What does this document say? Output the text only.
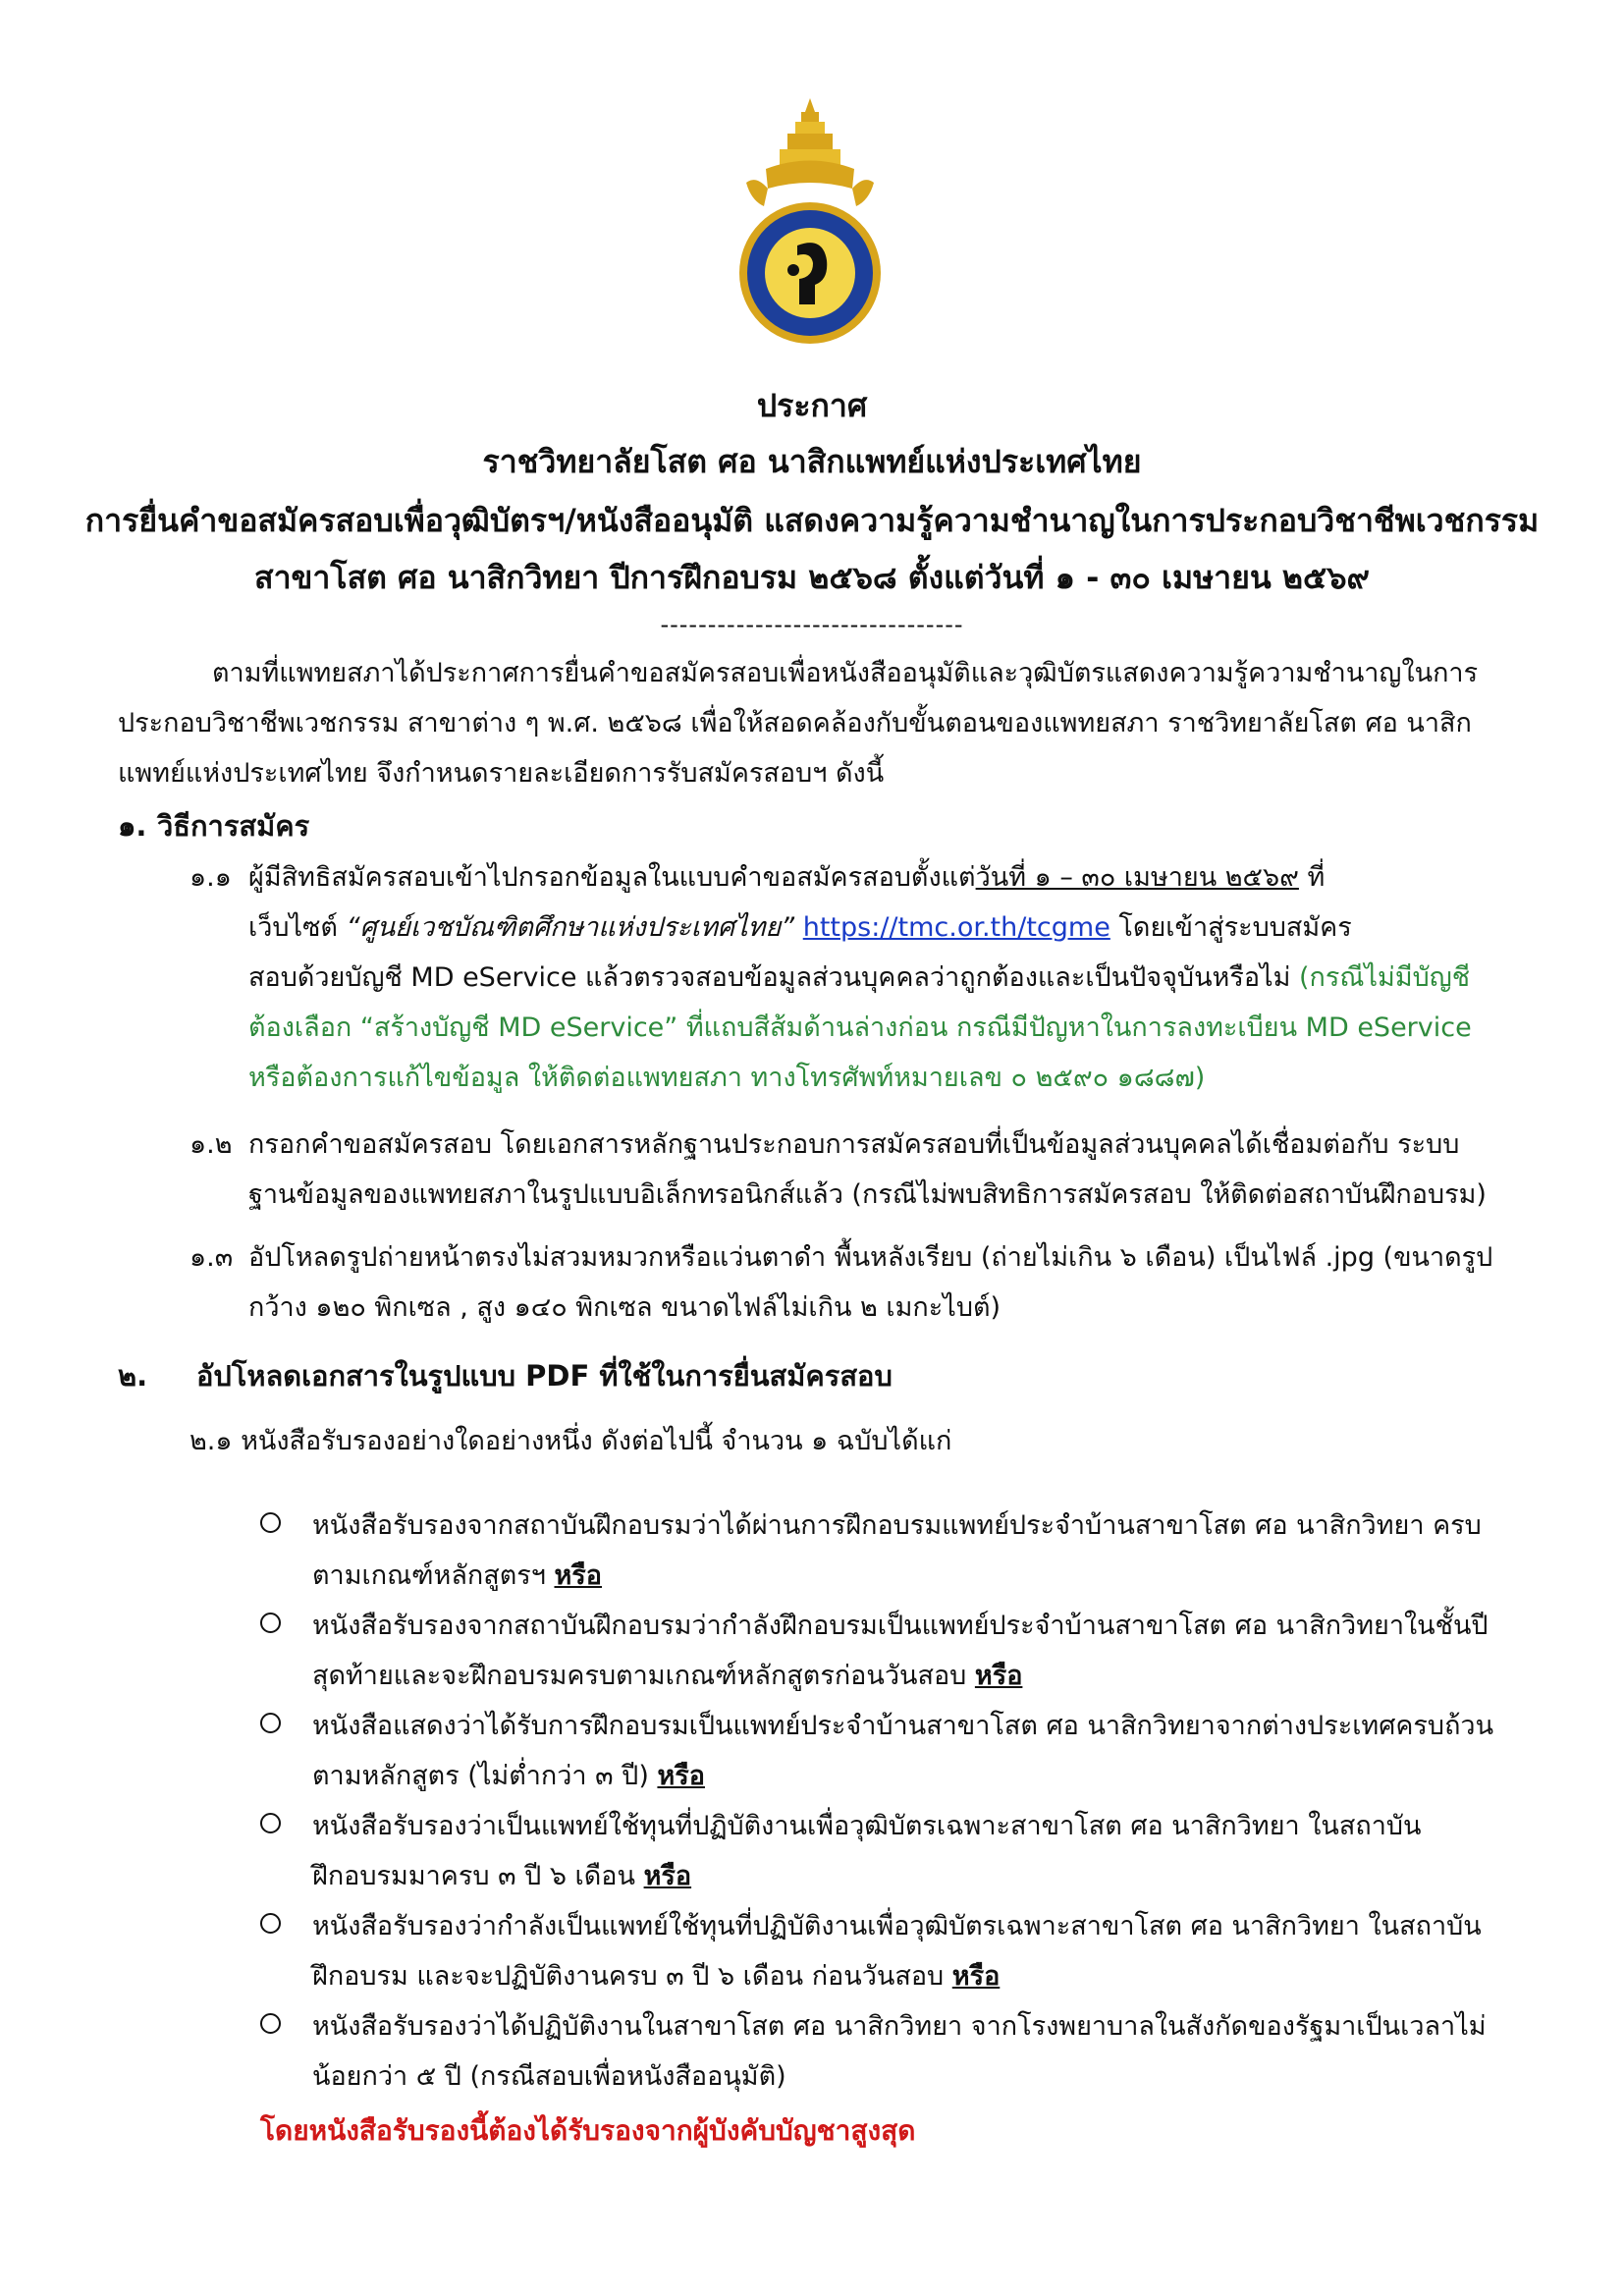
ประกาศ
ราชวิทยาลัยโสต ศอ นาสิกแพทย์แห่งประเทศไทย
การยื่นคำขอสมัครสอบเพื่อวุฒิบัตรฯ/หนังสืออนุมัติ แสดงความรู้ความชำนาญในการประกอบวิชาชีพเวชกรรม
สาขาโสต ศอ นาสิกวิทยา ปีการฝึกอบรม ๒๕๖๘ ตั้งแต่วันที่ ๑ - ๓๐ เมษายน ๒๕๖๙
--------------------------------
ตามที่แพทยสภาได้ประกาศการยื่นคำขอสมัครสอบเพื่อหนังสืออนุมัติและวุฒิบัตรแสดงความรู้ความชำนาญในการ
ประกอบวิชาชีพเวชกรรม สาขาต่าง ๆ พ.ศ. ๒๕๖๘ เพื่อให้สอดคล้องกับขั้นตอนของแพทยสภา ราชวิทยาลัยโสต ศอ นาสิก
แพทย์แห่งประเทศไทย จึงกำหนดรายละเอียดการรับสมัครสอบฯ ดังนี้
๑. วิธีการสมัคร
๑.๑ ผู้มีสิทธิสมัครสอบเข้าไปกรอกข้อมูลในแบบคำขอสมัครสอบตั้งแต่วันที่ ๑ – ๓๐ เมษายน ๒๕๖๙ ที่
เว็บไซต์ “ศูนย์เวชบัณฑิตศึกษาแห่งประเทศไทย” https://tmc.or.th/tcgme โดยเข้าสู่ระบบสมัคร
สอบด้วยบัญชี MD eService แล้วตรวจสอบข้อมูลส่วนบุคคลว่าถูกต้องและเป็นปัจจุบันหรือไม่ (กรณีไม่มีบัญชี
ต้องเลือก “สร้างบัญชี MD eService” ที่แถบสีส้มด้านล่างก่อน กรณีมีปัญหาในการลงทะเบียน MD eService
หรือต้องการแก้ไขข้อมูล ให้ติดต่อแพทยสภา ทางโทรศัพท์หมายเลข ๐ ๒๕๙๐ ๑๘๘๗)
๑.๒ กรอกคำขอสมัครสอบ โดยเอกสารหลักฐานประกอบการสมัครสอบที่เป็นข้อมูลส่วนบุคคลได้เชื่อมต่อกับ ระบบ
ฐานข้อมูลของแพทยสภาในรูปแบบอิเล็กทรอนิกส์แล้ว (กรณีไม่พบสิทธิการสมัครสอบ ให้ติดต่อสถาบันฝึกอบรม)
๑.๓ อัปโหลดรูปถ่ายหน้าตรงไม่สวมหมวกหรือแว่นตาดำ พื้นหลังเรียบ (ถ่ายไม่เกิน ๖ เดือน) เป็นไฟล์ .jpg (ขนาดรูป
กว้าง ๑๒๐ พิกเซล , สูง ๑๔๐ พิกเซล ขนาดไฟล์ไม่เกิน ๒ เมกะไบต์)
๒. อัปโหลดเอกสารในรูปแบบ PDF ที่ใช้ในการยื่นสมัครสอบ
๒.๑ หนังสือรับรองอย่างใดอย่างหนึ่ง ดังต่อไปนี้ จำนวน ๑ ฉบับได้แก่
หนังสือรับรองจากสถาบันฝึกอบรมว่าได้ผ่านการฝึกอบรมแพทย์ประจำบ้านสาขาโสต ศอ นาสิกวิทยา ครบ
ตามเกณฑ์หลักสูตรฯ หรือ
หนังสือรับรองจากสถาบันฝึกอบรมว่ากำลังฝึกอบรมเป็นแพทย์ประจำบ้านสาขาโสต ศอ นาสิกวิทยาในชั้นปี
สุดท้ายและจะฝึกอบรมครบตามเกณฑ์หลักสูตรก่อนวันสอบ หรือ
หนังสือแสดงว่าได้รับการฝึกอบรมเป็นแพทย์ประจำบ้านสาขาโสต ศอ นาสิกวิทยาจากต่างประเทศครบถ้วน
ตามหลักสูตร (ไม่ต่ำกว่า ๓ ปี) หรือ
หนังสือรับรองว่าเป็นแพทย์ใช้ทุนที่ปฏิบัติงานเพื่อวุฒิบัตรเฉพาะสาขาโสต ศอ นาสิกวิทยา ในสถาบัน
ฝึกอบรมมาครบ ๓ ปี ๖ เดือน หรือ
หนังสือรับรองว่ากำลังเป็นแพทย์ใช้ทุนที่ปฏิบัติงานเพื่อวุฒิบัตรเฉพาะสาขาโสต ศอ นาสิกวิทยา ในสถาบัน
ฝึกอบรม และจะปฏิบัติงานครบ ๓ ปี ๖ เดือน ก่อนวันสอบ หรือ
หนังสือรับรองว่าได้ปฏิบัติงานในสาขาโสต ศอ นาสิกวิทยา จากโรงพยาบาลในสังกัดของรัฐมาเป็นเวลาไม่
น้อยกว่า ๕ ปี (กรณีสอบเพื่อหนังสืออนุมัติ)
โดยหนังสือรับรองนี้ต้องได้รับรองจากผู้บังคับบัญชาสูงสุด
